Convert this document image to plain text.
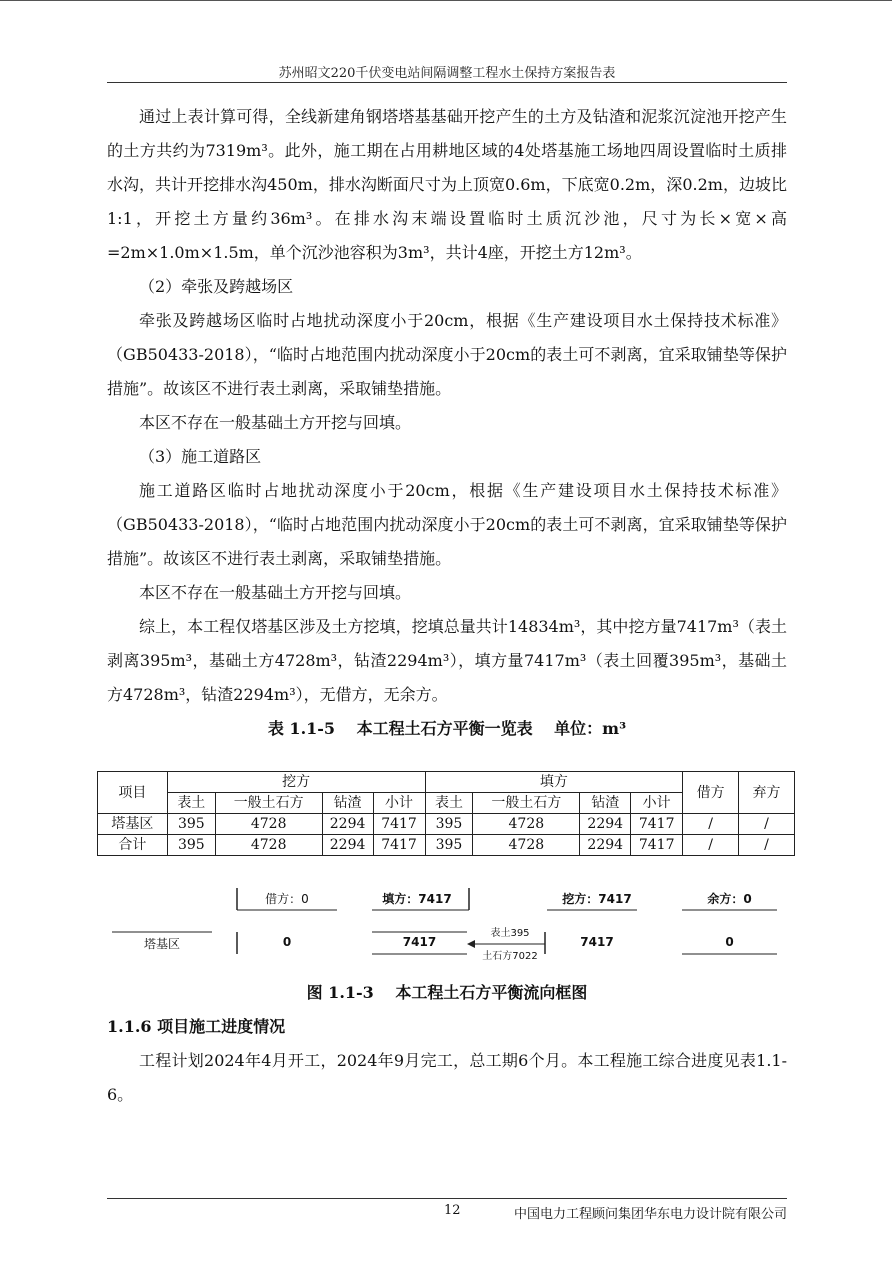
苏州昭文220千伏变电站间隔调整工程水土保持方案报告表

通过上表计算可得，全线新建角钢塔塔基基础开挖产生的土方及钻渣和泥浆沉淀池开挖产生的土方共约为7319m³。此外，施工期在占用耕地区域的4处塔基施工场地四周设置临时土质排水沟，共计开挖排水沟450m，排水沟断面尺寸为上顶宽0.6m，下底宽0.2m，深0.2m，边坡比1:1，开挖土方量约36m³。在排水沟末端设置临时土质沉沙池，尺寸为长×宽×高=2m×1.0m×1.5m，单个沉沙池容积为3m³，共计4座，开挖土方12m³。

（2）牵张及跨越场区

牵张及跨越场区临时占地扰动深度小于20cm，根据《生产建设项目水土保持技术标准》（GB50433-2018），“临时占地范围内扰动深度小于20cm的表土可不剥离，宜采取铺垫等保护措施”。故该区不进行表土剥离，采取铺垫措施。

本区不存在一般基础土方开挖与回填。

（3）施工道路区

施工道路区临时占地扰动深度小于20cm，根据《生产建设项目水土保持技术标准》（GB50433-2018），“临时占地范围内扰动深度小于20cm的表土可不剥离，宜采取铺垫等保护措施”。故该区不进行表土剥离，采取铺垫措施。

本区不存在一般基础土方开挖与回填。

综上，本工程仅塔基区涉及土方挖填，挖填总量共计14834m³，其中挖方量7417m³（表土剥离395m³，基础土方4728m³，钻渣2294m³），填方量7417m³（表土回覆395m³，基础土方4728m³，钻渣2294m³），无借方，无余方。

表 1.1-5　 本工程土石方平衡一览表　 单位：m³

项目	挖方				填方				借方	弃方
	表土	一般土石方	钻渣	小计	表土	一般土石方	钻渣	小计		
塔基区	395	4728	2294	7417	395	4728	2294	7417	/	/
合计	395	4728	2294	7417	395	4728	2294	7417	/	/
借方：0	填方：7417	挖方：7417	余方：0
塔基区	0	7417
表土395
土石方7022
7417	0

图 1.1-3　 本工程土石方平衡流向框图

1.1.6 项目施工进度情况

工程计划2024年4月开工，2024年9月完工，总工期6个月。本工程施工综合进度见表1.1-6。

12	中国电力工程顾问集团华东电力设计院有限公司
